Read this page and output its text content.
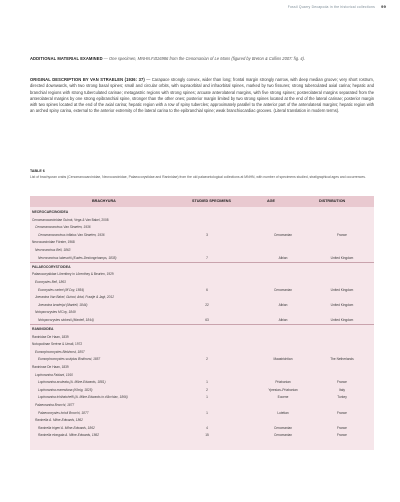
Fossil Quarry Decapoda in the historical collections 99
ADDITIONAL MATERIAL EXAMINED — One specimen, MNHN.F.B16986 from the Cenomanian of Le Mans (figured by Breton & Collins 2007: fig. 4).
ORIGINAL DESCRIPTION BY VAN STRAELEN (1936: 37) — Carapace strongly convex, wider than long; frontal margin strongly narrow, with deep median groove; very short rostrum, directed downwards, with two strong basal spines; small and circular orbits, with supraorbital and infraorbital spines, marked by two fissures; strong tuberculated axial carina; hepatic and branchial regions with strong tuberculated carinae; metagastric regions with strong spines; arcuate anterolateral margins, with five strong spines; posterolateral margins separated from the anterolateral margins by one strong epibranchial spine, stronger than the other ones; posterior margin limited by two strong spines located at the end of the lateral carinae; posterior margin with two spines located at the end of the axial carina; hepatic region with a row of spiny tubercles; approximately parallel to the anterior part of the anterolateral margins; hepatic region with an arched spiny carina, external to the anterior extremity of the lateral carina to the epibranchial spine; weak branchiocardiac grooves. (Literal translation in modern terms).
TABLE 6
List of brachyuran crabs (Cenomanocarcinidae, Necrocarcinidae, Palaeocorystidae and Raninidae) from the old palaeontological collections at MNHN, with number of specimens studied, stratigraphical ages and occurrences.
BRACHYURA	STUDIED SPECIMENS	AGE	DISTRIBUTION
NECROCARCINOIDEA
Cenomanocarcinidae Guinot, Vega & Van Bakel, 2008
Cenomanocarcinus Van Straelen, 1936
Cenomanocarcinus inflatus Van Straelen, 1936	3	Cenomanian	France
Necrocarcinidae Förster, 1968
Necrocarcinus Bell, 1863
Necrocarcinus labeschii (Eudes-Deslongchamps, 1835)	7	Albian	United Kingdom
PALAEOCORYSTOIDEA
Palaeocorystidae Lőrenthey in Lőrenthey & Beurlen, 1929
Eucorystes Bell, 1863
Eucorystes carteri (M'Coy, 1854)	6	Cenomanian	United Kingdom
Joeranina Van Bakel, Guinot, Artal, Fraaije & Jagt, 2012
Joeranina broderipi (Mantell, 1844)	22	Albian	United Kingdom
Notopocorystes M'Coy, 1849
Notopocorystes stokesii (Mantell, 1844)	63	Albian	United Kingdom
RANINOIDEA
Raninidae De Haan, 1839
Notopodinae Serène & Umali, 1972
Eumorphocorystes Binkhorst, 1857
Eumorphocorystes sculptus Binkhorst, 1857	2	Maastrichtian	The Netherlands
Ranininae De Haan, 1839
Lophoraninа Fabiani, 1910
Lophoranina aculeata (A. Milne-Edwards, 1881)	1	Priabonian	France
Lophoranina marestiana (König, 1825)	2	Ypresian–Priabonian	Italy
Lophoranina tchihatcheffi (A. Milne-Edwards in d'Archiac, 1866)	1	Eocene	Turkey
Palaeoranina Brocchi, 1877
Palaeocorystes lorioli Brocchi, 1877	1	Lutetian	France
Raninella A. Milne-Edwards, 1862
Raninella trigeri A. Milne-Edwards, 1862	4	Cenomanian	France
Raninella elongata A. Milne-Edwards, 1862	15	Cenomanian	France
